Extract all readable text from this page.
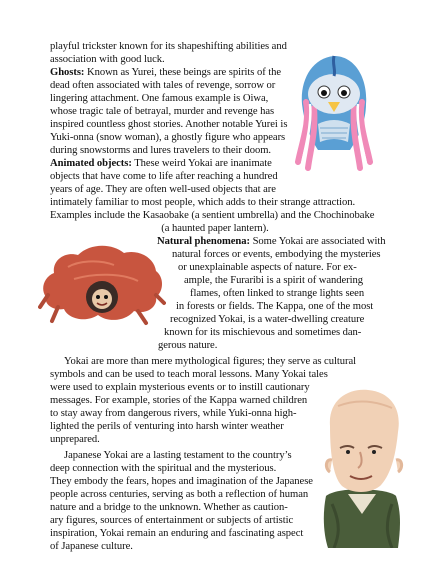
playful trickster known for its shapeshifting abilities and
association with good luck.
Ghosts: Known as Yurei, these beings are spirits of the
dead often associated with tales of revenge, sorrow or
lingering attachment. One famous example is Oiwa,
whose tragic tale of betrayal, murder and revenge has
inspired countless ghost stories. Another notable Yurei is
Yuki-onna (snow woman), a ghostly figure who appears
during snowstorms and lures travelers to their doom.
Animated objects: These weird Yokai are inanimate
objects that have come to life after reaching a hundred
years of age. They are often well-used objects that are
intimately familiar to most people, which adds to their strange attraction.
Examples include the Kasaobake (a sentient umbrella) and the Chochinobake
(a haunted paper lantern).
Natural phenomena: Some Yokai are associated with
natural forces or events, embodying the mysteries
or unexplainable aspects of nature. For ex-
ample, the Furaribi is a spirit of wandering
flames, often linked to strange lights seen
in forests or fields. The Kappa, one of the most
recognized Yokai, is a water-dwelling creature
known for its mischievous and sometimes dan-
gerous nature.
Yokai are more than mere mythological figures; they serve as cultural
symbols and can be used to teach moral lessons. Many Yokai tales
were used to explain mysterious events or to instill cautionary
messages. For example, stories of the Kappa warned children
to stay away from dangerous rivers, while Yuki-onna high-
lighted the perils of venturing into harsh winter weather
unprepared.
Japanese Yokai are a lasting testament to the country’s
deep connection with the spiritual and the mysterious.
They embody the fears, hopes and imagination of the Japanese
people across centuries, serving as both a reflection of human
nature and a bridge to the unknown. Whether as caution-
ary figures, sources of entertainment or subjects of artistic
inspiration, Yokai remain an enduring and fascinating aspect
of Japanese culture.
